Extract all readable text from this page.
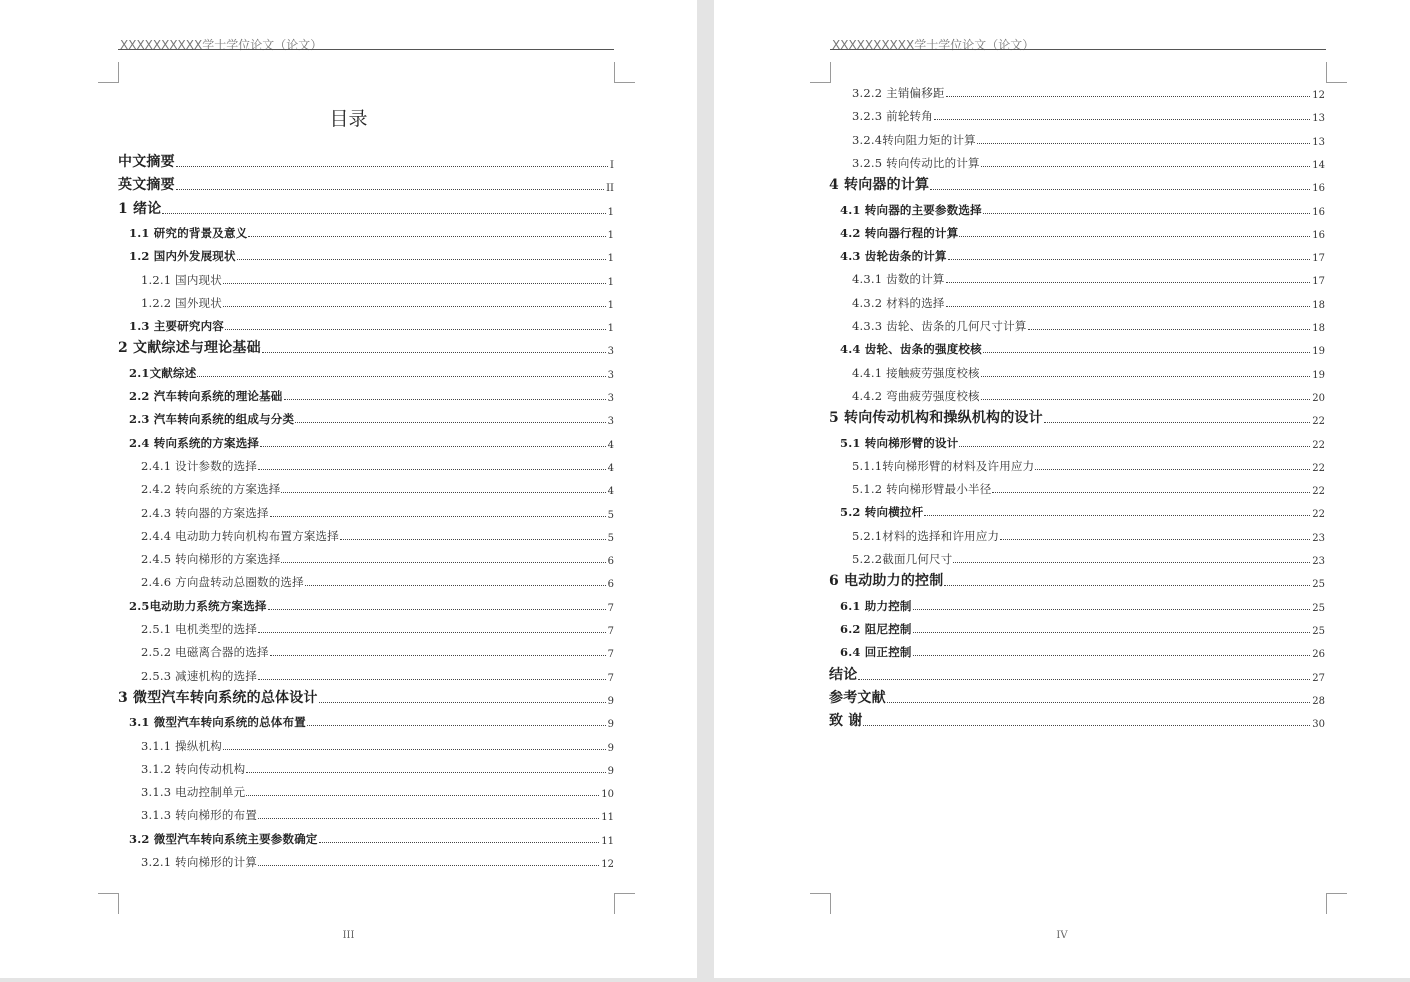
XXXXXXXXXX学士学位论文（论文）
目录
中文摘要	I
英文摘要	II
1 绪论	1
1.1 研究的背景及意义	1
1.2 国内外发展现状	1
1.2.1 国内现状	1
1.2.2 国外现状	1
1.3 主要研究内容	1
2 文献综述与理论基础	3
2.1文献综述	3
2.2 汽车转向系统的理论基础	3
2.3 汽车转向系统的组成与分类	3
2.4 转向系统的方案选择	4
2.4.1 设计参数的选择	4
2.4.2 转向系统的方案选择	4
2.4.3 转向器的方案选择	5
2.4.4 电动助力转向机构布置方案选择	5
2.4.5 转向梯形的方案选择	6
2.4.6 方向盘转动总圈数的选择	6
2.5电动助力系统方案选择	7
2.5.1 电机类型的选择	7
2.5.2 电磁离合器的选择	7
2.5.3 减速机构的选择	7
3 微型汽车转向系统的总体设计	9
3.1 微型汽车转向系统的总体布置	9
3.1.1 操纵机构	9
3.1.2 转向传动机构	9
3.1.3 电动控制单元	10
3.1.3 转向梯形的布置	11
3.2 微型汽车转向系统主要参数确定	11
3.2.1 转向梯形的计算	12
III
XXXXXXXXXX学士学位论文（论文）
3.2.2 主销偏移距	12
3.2.3 前轮转角	13
3.2.4转向阻力矩的计算	13
3.2.5 转向传动比的计算	14
4 转向器的计算	16
4.1 转向器的主要参数选择	16
4.2 转向器行程的计算	16
4.3 齿轮齿条的计算	17
4.3.1 齿数的计算	17
4.3.2 材料的选择	18
4.3.3 齿轮、齿条的几何尺寸计算	18
4.4 齿轮、齿条的强度校核	19
4.4.1 接触疲劳强度校核	19
4.4.2 弯曲疲劳强度校核	20
5 转向传动机构和操纵机构的设计	22
5.1 转向梯形臂的设计	22
5.1.1转向梯形臂的材料及许用应力	22
5.1.2 转向梯形臂最小半径	22
5.2 转向横拉杆	22
5.2.1材料的选择和许用应力	23
5.2.2截面几何尺寸	23
6 电动助力的控制	25
6.1 助力控制	25
6.2 阻尼控制	25
6.4 回正控制	26
结论	27
参考文献	28
致 谢	30
IV
